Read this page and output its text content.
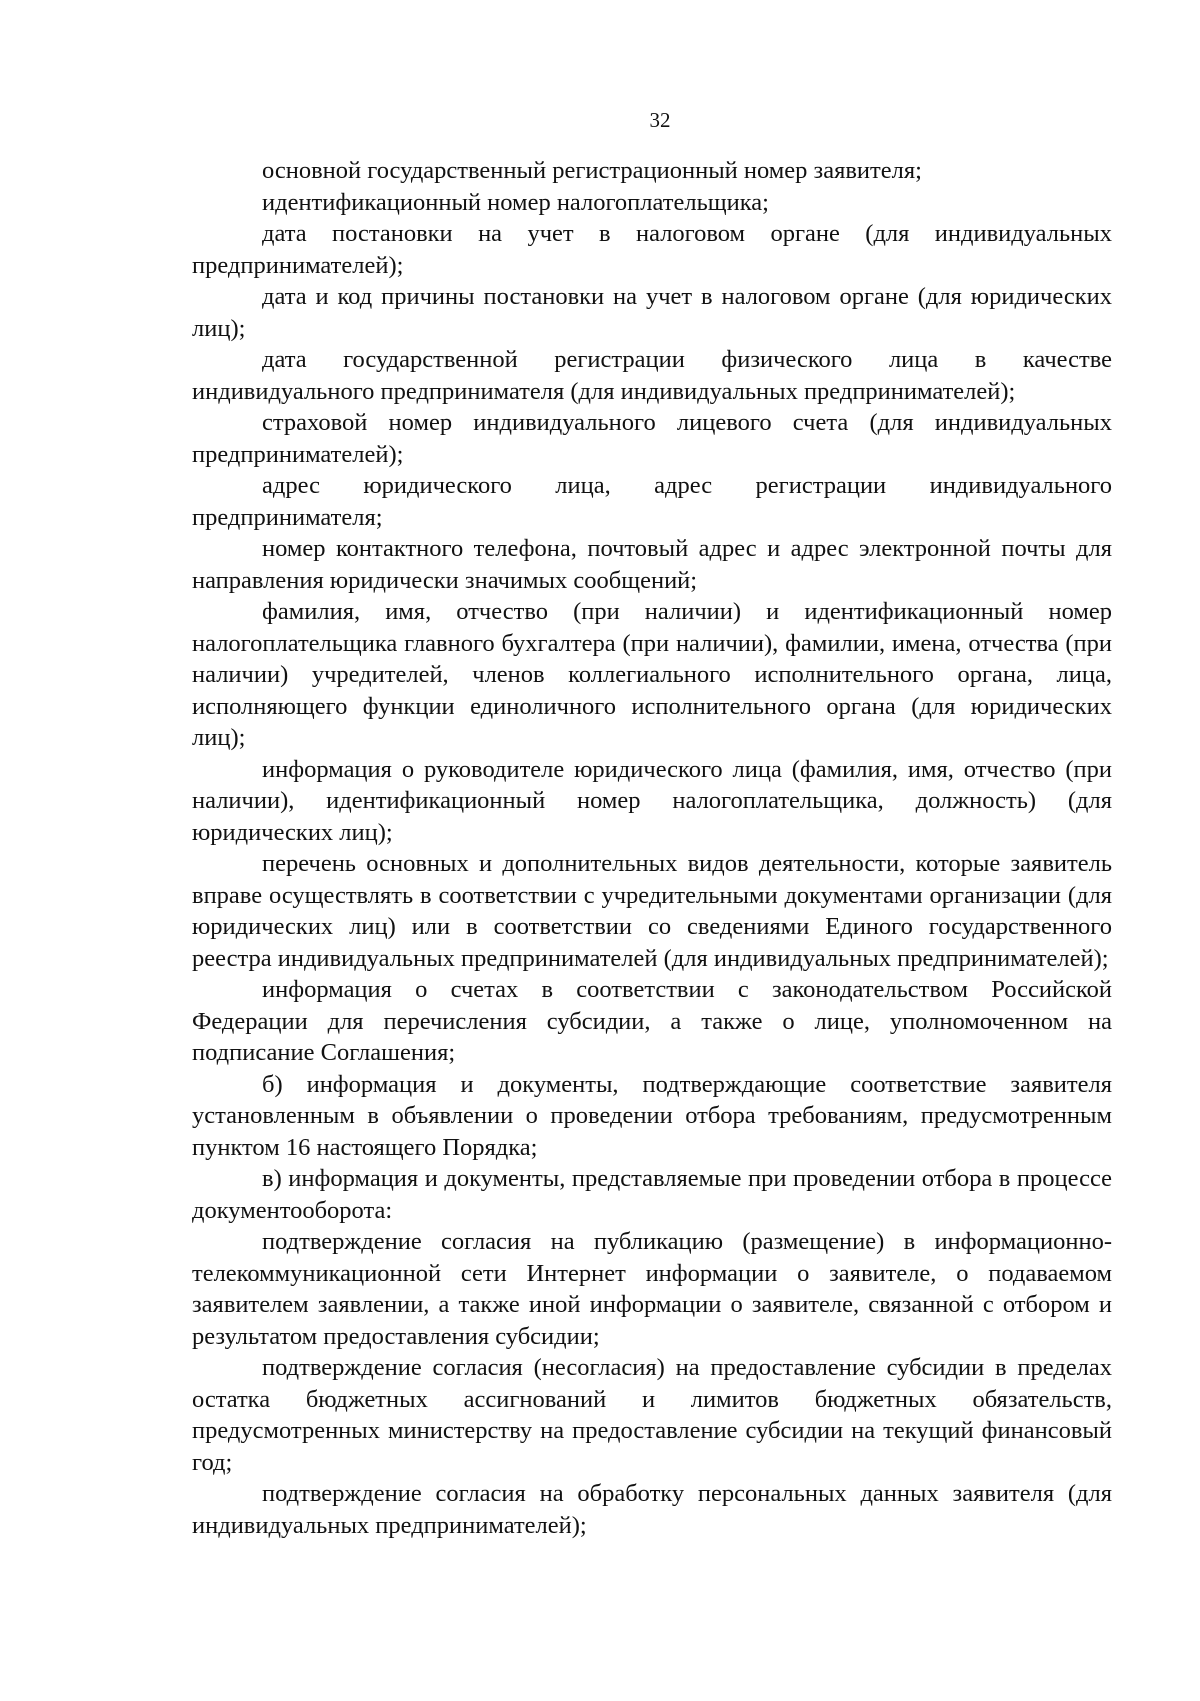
32

основной государственный регистрационный номер заявителя;

идентификационный номер налогоплательщика;

дата постановки на учет в налоговом органе (для индивидуальных предпринимателей);

дата и код причины постановки на учет в налоговом органе (для юридических лиц);

дата государственной регистрации физического лица в качестве индивидуального предпринимателя (для индивидуальных предпринимателей);

страховой номер индивидуального лицевого счета (для индивидуальных предпринимателей);

адрес юридического лица, адрес регистрации индивидуального предпринимателя;

номер контактного телефона, почтовый адрес и адрес электронной почты для направления юридически значимых сообщений;

фамилия, имя, отчество (при наличии) и идентификационный номер налогоплательщика главного бухгалтера (при наличии), фамилии, имена, отчества (при наличии) учредителей, членов коллегиального исполнительного органа, лица, исполняющего функции единоличного исполнительного органа (для юридических лиц);

информация о руководителе юридического лица (фамилия, имя, отчество (при наличии), идентификационный номер налогоплательщика, должность) (для юридических лиц);

перечень основных и дополнительных видов деятельности, которые заявитель вправе осуществлять в соответствии с учредительными документами организации (для юридических лиц) или в соответствии со сведениями Единого государственного реестра индивидуальных предпринимателей (для индивидуальных предпринимателей);

информация о счетах в соответствии с законодательством Российской Федерации для перечисления субсидии, а также о лице, уполномоченном на подписание Соглашения;

б) информация и документы, подтверждающие соответствие заявителя установленным в объявлении о проведении отбора требованиям, предусмотренным пунктом 16 настоящего Порядка;

в) информация и документы, представляемые при проведении отбора в процессе документооборота:

подтверждение согласия на публикацию (размещение) в информационно-телекоммуникационной сети Интернет информации о заявителе, о подаваемом заявителем заявлении, а также иной информации о заявителе, связанной с отбором и результатом предоставления субсидии;

подтверждение согласия (несогласия) на предоставление субсидии в пределах остатка бюджетных ассигнований и лимитов бюджетных обязательств, предусмотренных министерству на предоставление субсидии на текущий финансовый год;

подтверждение согласия на обработку персональных данных заявителя (для индивидуальных предпринимателей);
